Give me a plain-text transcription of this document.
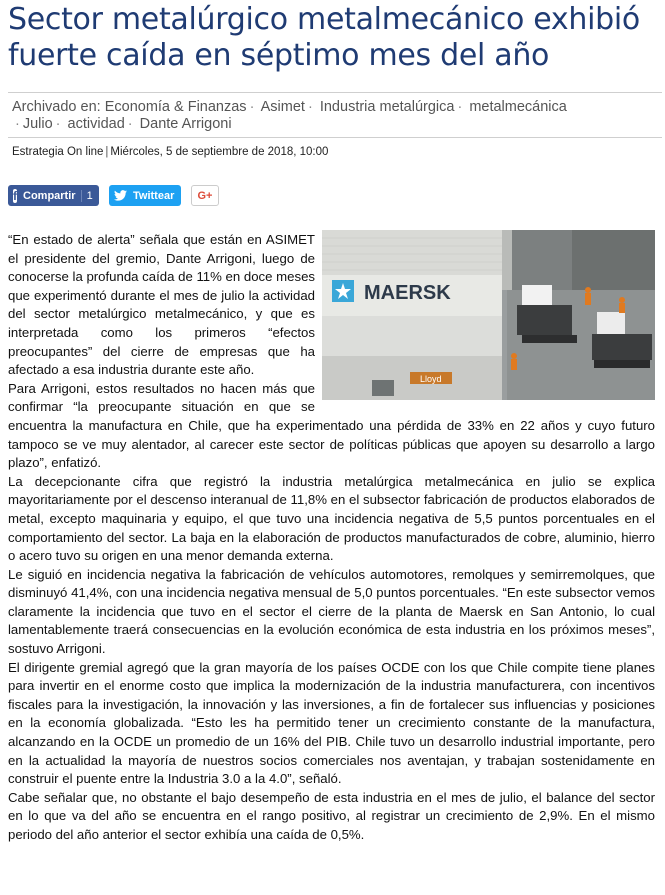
Sector metalúrgico metalmecánico exhibió fuerte caída en séptimo mes del año
Archivado en: Economía & Finanzas · Asimet · Industria metalúrgica · metalmecánica
· Julio · actividad · Dante Arrigoni
Estrategia On line | Miércoles, 5 de septiembre de 2018, 10:00
f Compartir	1	Twittear G+
MAERSK
Lloyd

“En estado de alerta” señala que están en ASIMET el presidente del gremio, Dante Arrigoni, luego de conocerse la profunda caída de 11% en doce meses que experimentó durante el mes de julio la actividad del sector metalúrgico metalmecánico, y que es interpretada como los primeros “efectos preocupantes” del cierre de empresas que ha afectado a esa industria durante este año.

Para Arrigoni, estos resultados no hacen más que confirmar “la preocupante situación en que se encuentra la manufactura en Chile, que ha experimentado una pérdida de 33% en 22 años y cuyo futuro tampoco se ve muy alentador, al carecer este sector de políticas públicas que apoyen su desarrollo a largo plazo”, enfatizó.

La decepcionante cifra que registró la industria metalúrgica metalmecánica en julio se explica mayoritariamente por el descenso interanual de 11,8% en el subsector fabricación de productos elaborados de metal, excepto maquinaria y equipo, el que tuvo una incidencia negativa de 5,5 puntos porcentuales en el comportamiento del sector. La baja en la elaboración de productos manufacturados de cobre, aluminio, hierro o acero tuvo su origen en una menor demanda externa.

Le siguió en incidencia negativa la fabricación de vehículos automotores, remolques y semirremolques, que disminuyó 41,4%, con una incidencia negativa mensual de 5,0 puntos porcentuales. “En este subsector vemos claramente la incidencia que tuvo en el sector el cierre de la planta de Maersk en San Antonio, lo cual lamentablemente traerá consecuencias en la evolución económica de esta industria en los próximos meses”, sostuvo Arrigoni.

El dirigente gremial agregó que la gran mayoría de los países OCDE con los que Chile compite tiene planes para invertir en el enorme costo que implica la modernización de la industria manufacturera, con incentivos fiscales para la investigación, la innovación y las inversiones, a fin de fortalecer sus influencias y posiciones en la economía globalizada. “Esto les ha permitido tener un crecimiento constante de la manufactura, alcanzando en la OCDE un promedio de un 16% del PIB. Chile tuvo un desarrollo industrial importante, pero en la actualidad la mayoría de nuestros socios comerciales nos aventajan, y trabajan sostenidamente en construir el puente entre la Industria 3.0 a la 4.0”, señaló.

Cabe señalar que, no obstante el bajo desempeño de esta industria en el mes de julio, el balance del sector en lo que va del año se encuentra en el rango positivo, al registrar un crecimiento de 2,9%. En el mismo periodo del año anterior el sector exhibía una caída de 0,5%.
